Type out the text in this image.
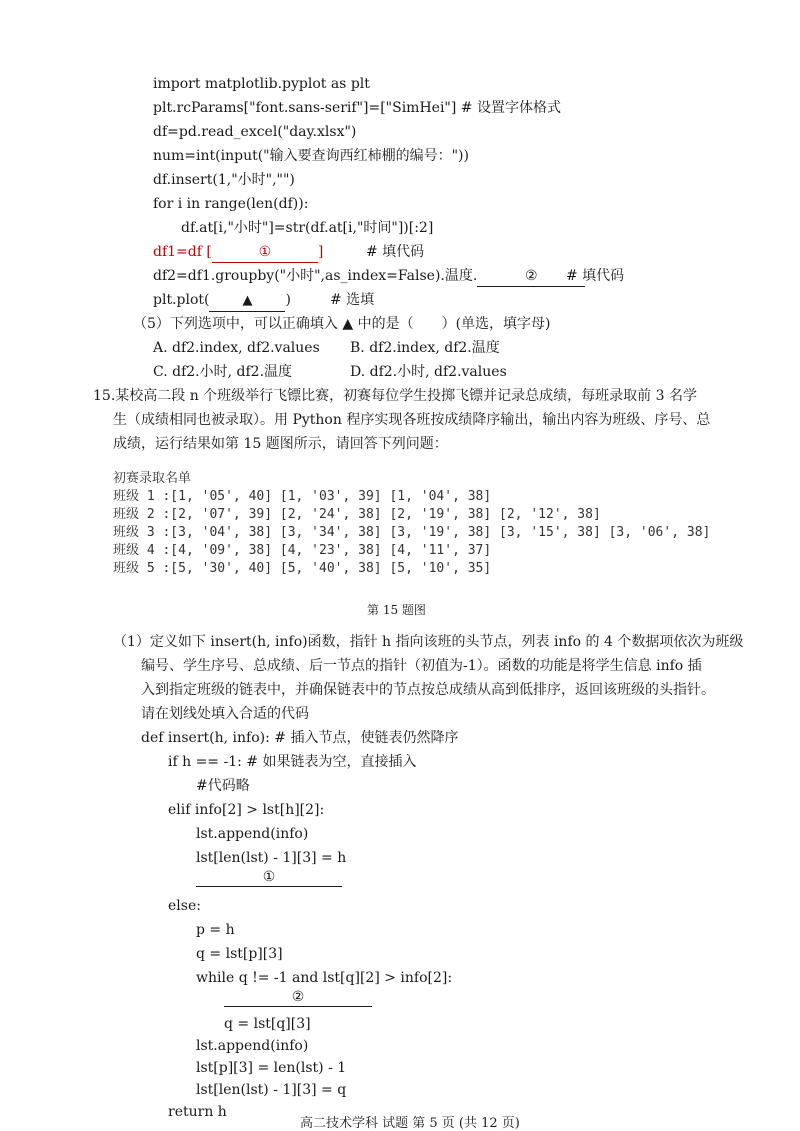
import matplotlib.pyplot as plt
plt.rcParams["font.sans-serif"]=["SimHei"] # 设置字体格式
df=pd.read_excel("day.xlsx")
num=int(input("输入要查询西红柿棚的编号："))
df.insert(1,"小时","")
for i in range(len(df)):
df.at[i,"小时"]=str(df.at[i,"时间"])[:2]
df1=df [	①	]	# 填代码
df2=df1.groupby("小时",as_index=False).温度.	②	# 填代码
plt.plot(	▲ )	# 选填
（5）下列选项中，可以正确填入 ▲ 中的是（　　）(单选，填字母)
A. df2.index, df2.values B. df2.index, df2.温度
C. df2.小时, df2.温度	D. df2.小时, df2.values
15.某校高二段 n 个班级举行飞镖比赛，初赛每位学生投掷飞镖并记录总成绩，每班录取前 3 名学
生（成绩相同也被录取）。用 Python 程序实现各班按成绩降序输出，输出内容为班级、序号、总
成绩，运行结果如第 15 题图所示，请回答下列问题：
初赛录取名单
班级 1 :[1, '05', 40] [1, '03', 39] [1, '04', 38]
班级 2 :[2, '07', 39] [2, '24', 38] [2, '19', 38] [2, '12', 38]
班级 3 :[3, '04', 38] [3, '34', 38] [3, '19', 38] [3, '15', 38] [3, '06', 38]
班级 4 :[4, '09', 38] [4, '23', 38] [4, '11', 37]
班级 5 :[5, '30', 40] [5, '40', 38] [5, '10', 35]
第 15 题图
（1）定义如下 insert(h, info)函数，指针 h 指向该班的头节点，列表 info 的 4 个数据项依次为班级
编号、学生序号、总成绩、后一节点的指针（初值为-1）。函数的功能是将学生信息 info 插
入到指定班级的链表中，并确保链表中的节点按总成绩从高到低排序，返回该班级的头指针。
请在划线处填入合适的代码
def insert(h, info): # 插入节点，使链表仍然降序
if h == -1: # 如果链表为空，直接插入
#代码略
elif info[2] > lst[h][2]:
lst.append(info)
lst[len(lst) - 1][3] = h
①
else:
p = h
q = lst[p][3]
while q != -1 and lst[q][2] > info[2]:
②
q = lst[q][3]
lst.append(info)
lst[p][3] = len(lst) - 1
lst[len(lst) - 1][3] = q
return h
高二技术学科 试题 第 5 页 (共 12 页)
